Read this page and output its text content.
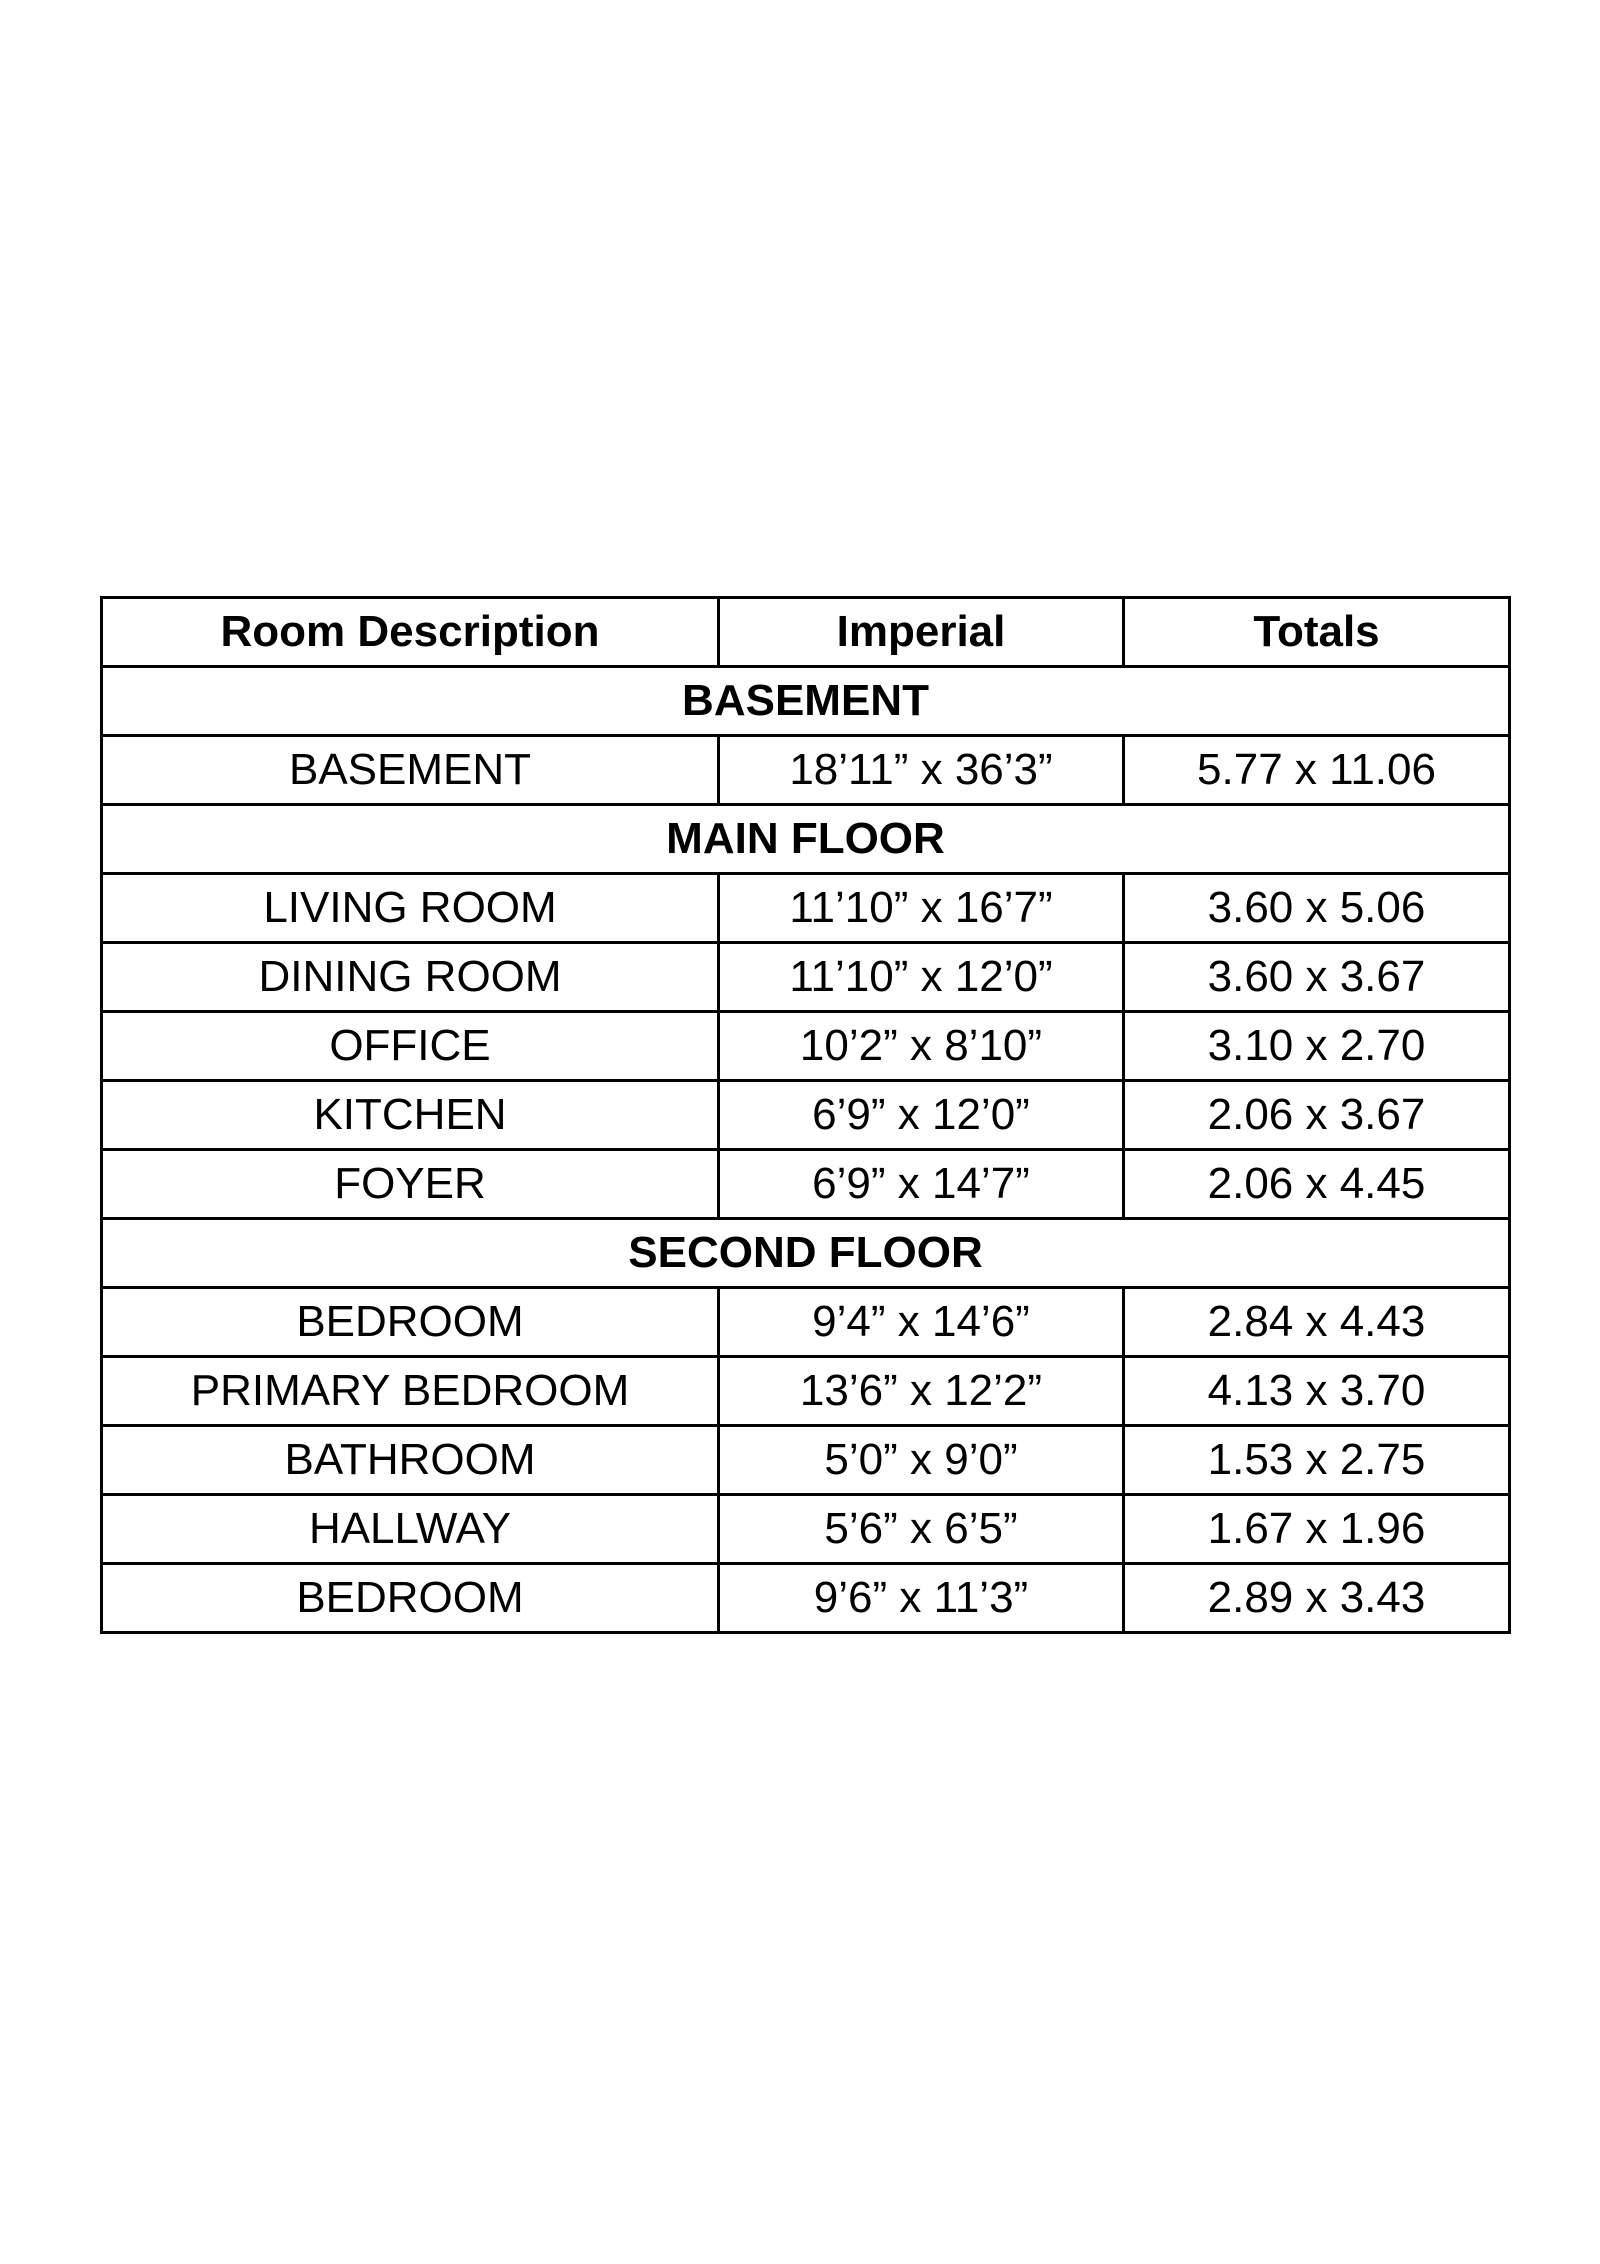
Room Description	Imperial	Totals
BASEMENT		
BASEMENT	18’11” x 36’3”	5.77 x 11.06
MAIN FLOOR		
LIVING ROOM	11’10” x 16’7”	3.60 x 5.06
DINING ROOM	11’10” x 12’0”	3.60 x 3.67
OFFICE	10’2” x 8’10”	3.10 x 2.70
KITCHEN	6’9” x 12’0”	2.06 x 3.67
FOYER	6’9” x 14’7”	2.06 x 4.45
SECOND FLOOR		
BEDROOM	9’4” x 14’6”	2.84 x 4.43
PRIMARY BEDROOM	13’6” x 12’2”	4.13 x 3.70
BATHROOM	5’0” x 9’0”	1.53 x 2.75
HALLWAY	5’6” x 6’5”	1.67 x 1.96
BEDROOM	9’6” x 11’3”	2.89 x 3.43
